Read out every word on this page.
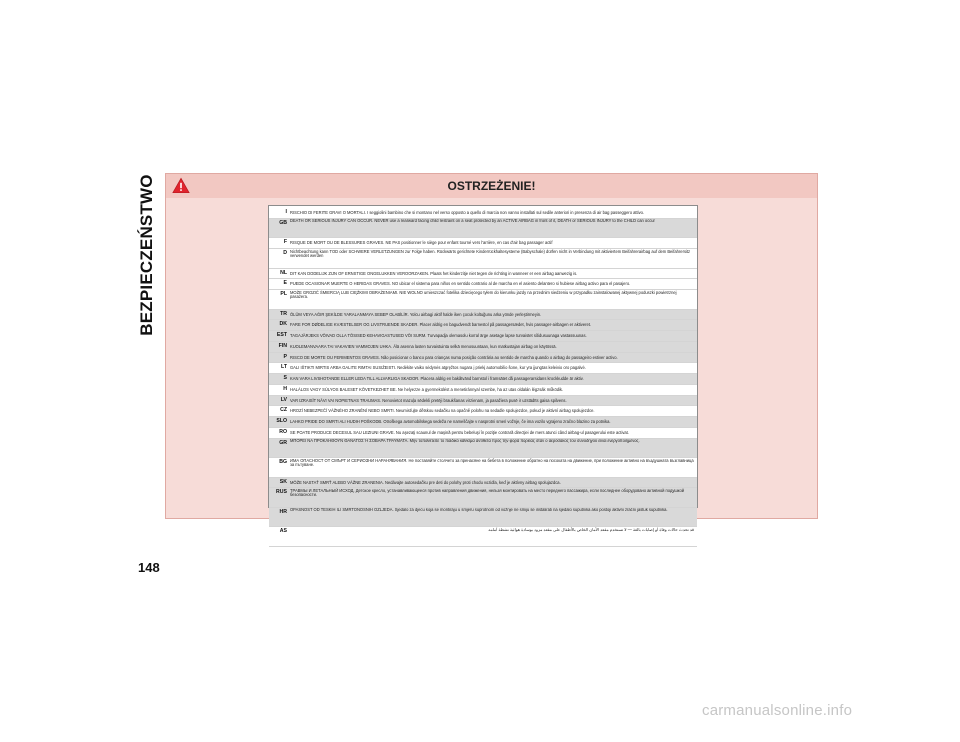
BEZPIECZEŃSTWO	OSTRZEŻENIE!
I RISCHIO DI FERITE GRAVI O MORTALI. I seggiolini bambino che si montano nel verso opposto a quello di marcia non vanno installati sul sedile anteriori in presenza di air bag passeggero attivo.
GB DEATH OR SERIOUS INJURY CAN OCCUR. NEVER use a rearward facing child restraint on a seat protected by an ACTIVE AIRBAG in front of it, DEATH or SERIOUS INJURY to the CHILD can occur
F RISQUE DE MORT OU DE BLESSURES GRAVES. NE PAS positionner le siège pour enfant tourné vers l'arrière, en cas d'air bag passager actif
D Nichtbeachtung kann TOD oder SCHWERE VERLETZUNGEN zur Folge haben. Rückwärts gerichtete Kinderrückhaltesysteme (Babyschale) dürfen nicht in Verbindung mit aktiviertem Beifahrerairbag auf dem Beifahrersitz verwendet werden
NL DIT KAN DODELIJK ZIJN OF ERNSTIGE ONGELUKKEN VEROORZAKEN. Plaats het kinderzitje niet tegen de richting in wanneer er een airbag aanwezig is.
E PUEDE OCASIONAR MUERTE O HERIDAS GRAVES. NO ubicar el sistema para niños en sentido contrario al de marcha en el asiento delantero si hubiese airbag activo para el pasajero.
PL MOŻE GROZIĆ ŚMIERCIĄ LUB CIĘŻKIMI OBRAŻENIAMI. NIE WOLNO umieszczać fotelika dziecięcego tyłem do kierunku jazdy na przednim siedzeniu w przypadku zainstalowanej aktywnej poduszki powietrznej pasażera.
TR ÖLÜM VEYA AĞIR ŞEKİLDE YARALANMAYA SEBEP OLABİLİR. Yolcu airbagi aktif halde iken çocuk koltuğunu arka yönde yerleştirmeyin.
DK FARE FOR DØDELIGE KVÆSTELSER OG LIVSTRUENDE SKADER. Placer aldrig en bagudvendt barnestol på passagersædet, hvis passager-airbagen er aktiveret.
EST TAGAJÄRJEKS VÕIVAD OLLA TÕSISED KEHAVIGASTUSED VÕI SURM. Turvapadja olemasolu korral ärge asetage lapse turvaistet sõidusuunaga vastassuunas.
FIN KUOLEMANVAARA TAI VAKAVIEN VAMMOJEN UHKA. Älä asenna lasten turvaistuinta selkä menosuuntaan, kun matkustajan airbag on käytössä.
P RISCO DE MORTE OU FERIMENTOS GRAVES. Não posicionar o banco para crianças numa posição contrária ao sentido de marcha quando o airbag do passageiro estiver activo.
LT GALI IŠTIKTI MIRTIS ARBA GALITE RIMTAI SUSIŽEISTI. Nedėkite vaiko sėdynės atgręžtos nugara į priekį automobilio šone, kur yra įjungtas keleivio oro pagalvė.
S KAN VARA LIVSHOTANDE ELLER LEDA TILL ALLVARLIGA SKADOR. Placera aldrig en bakåtvänd barnstol i framsätet då passagerarsidans krockkudde är aktiv.
H HALÁLOS VAGY SÚLYOS BALESET KÖVETKEZHET BE. Ne helyezze a gyermekülést a menetiránnyal szembe, ha az utas oldalán légzsák működik.
LV VAR IZRAISĪT NĀVI VAI NOPIETNAS TRAUMAS. Nenovietot mazuļa sēdekli pretēji braukšanas virzienam, ja pasažiera pusē ir uzstādīts gaisa spilvens.
CZ HROZÍ NEBEZPEČÍ VÁŽNÉHO ZRANĚNÍ NEBO SMRTI. Neumisťujte dětskou sedačku na opačně polohu na sedadle spolujezdce, pokud je aktivní airbag spolujezdce.
SLO LAHKO PRIDE DO SMRTI ALI HUDIH POŠKODB. Otroškega avtomobilskega sedeža ne nameščajte v nasprotni smeri vožnje, če ima vozilo vgrajeno zračno blazino za potnika.
RO SE POATE PRODUCE DECESUL SAU LEZIUNI GRAVE. Nu aşezaţi scaunul de maşină pentru bebeluşi în poziţie contrară direcţiei de mers atunci când airbag-ul pasagerului este activat.
GR ΜΠΟΡΕΙ ΝΑ ΠΡΟΚΛΗΘΟΥΝ ΘΑΝΑΤΟΣ Ή ΣΟΒΑΡΑ ΤΡΑΥΜΑΤΑ. Μην τοποθετείτε το παιδικό κάθισμα αντίθετα προς την φορά πορείας όταν ο αερόσακος του συνοδηγού είναι ενεργοποιημένος.
BG ИМА ОПАСНОСТ ОТ СМЪРТ И СЕРИОЗНИ НАРАНЯВАНИЯ. Не поставяйте столчето за пренасяне на бебета в положение обратно на посоката на движение, при положение активно на въздушната възглавница за пътуване.
SK MÔŽE NASTAŤ SMRŤ ALEBO VÁŽNE ZRANENIA. Nedávajte autosedačku pre deti do polohy proti chodu vozidla, keď je aktívny airbag spolujazdca.
RUS ТРАВМЫ И ЛЕТАЛЬНЫЙ ИСХОД. Детское кресло, устанавливающееся против направления движения, нельзя монтировать на место переднего пассажира, если последнее оборудовано активной подушкой безопасности.
HR OPASNOST OD TEŠKIH ILI SMRTONOSNIH OZLJEDA. Sjedalo za djecu koja se montiraju u smjeru suprotnom od vožnje ne smiju se instalirati na sjedalo suputnika ako postoji aktivni zračni jastuk suputnika.
AS	قد تحدث حالات وفاة أو إصابات بالغة — لا تستخدم مقعد الأمان الخاص بالأطفال على مقعد مزود بوسادة هوائية نشطة أمامه
148
carmanualsonline.info
